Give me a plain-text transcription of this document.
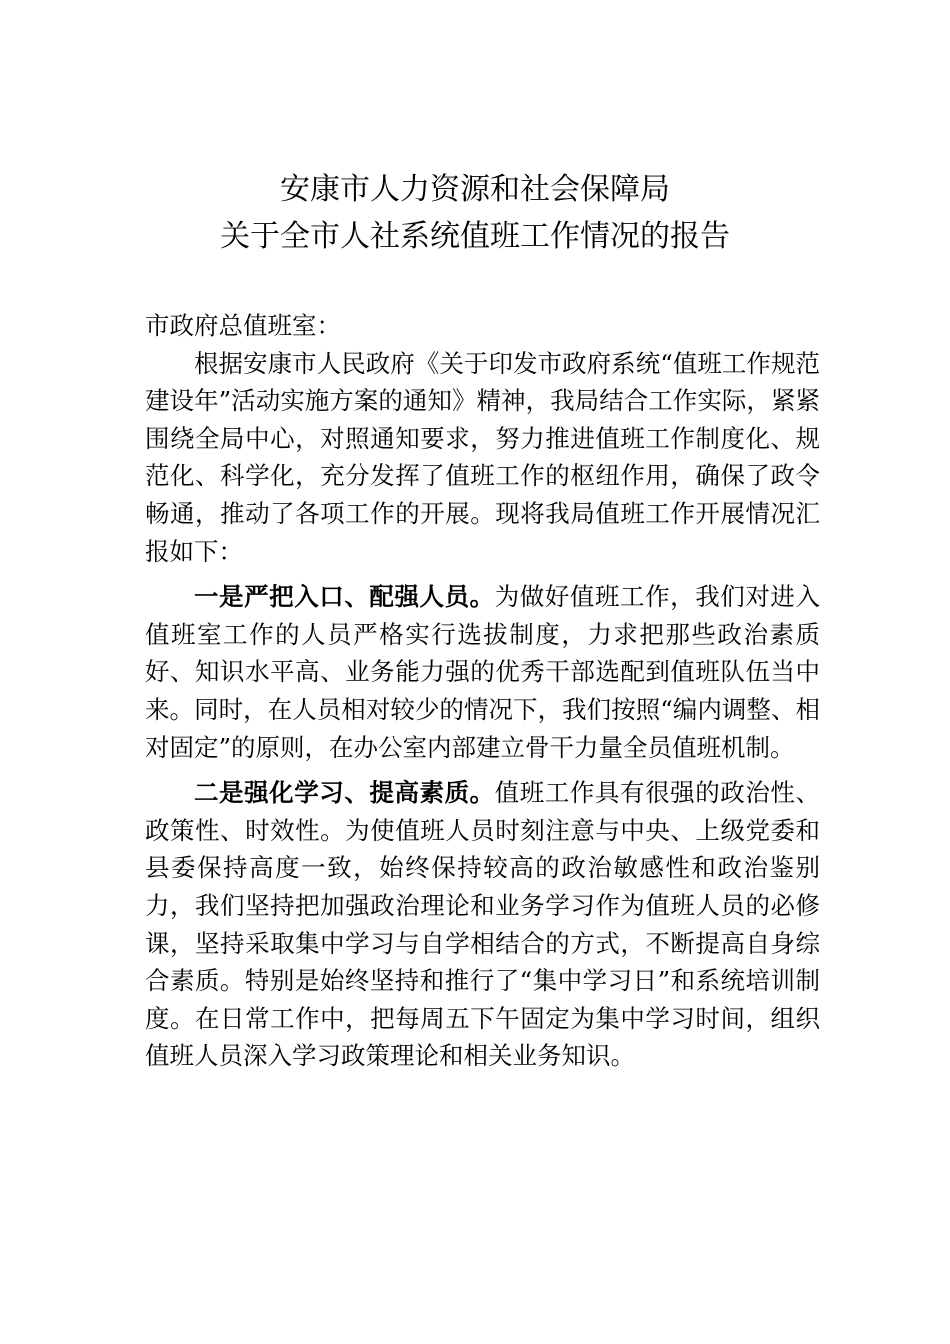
安康市人力资源和社会保障局
关于全市人社系统值班工作情况的报告

市政府总值班室：

根据安康市人民政府《关于印发市政府系统“值班工作规范建设年”活动实施方案的通知》精神，我局结合工作实际，紧紧围绕全局中心，对照通知要求，努力推进值班工作制度化、规范化、科学化，充分发挥了值班工作的枢纽作用，确保了政令畅通，推动了各项工作的开展。现将我局值班工作开展情况汇报如下：

一是严把入口、配强人员。为做好值班工作，我们对进入值班室工作的人员严格实行选拔制度，力求把那些政治素质好、知识水平高、业务能力强的优秀干部选配到值班队伍当中来。同时，在人员相对较少的情况下，我们按照“编内调整、相对固定”的原则，在办公室内部建立骨干力量全员值班机制。

二是强化学习、提高素质。值班工作具有很强的政治性、政策性、时效性。为使值班人员时刻注意与中央、上级党委和县委保持高度一致，始终保持较高的政治敏感性和政治鉴别力，我们坚持把加强政治理论和业务学习作为值班人员的必修课，坚持采取集中学习与自学相结合的方式，不断提高自身综合素质。特别是始终坚持和推行了“集中学习日”和系统培训制度。在日常工作中，把每周五下午固定为集中学习时间，组织值班人员深入学习政策理论和相关业务知识。
